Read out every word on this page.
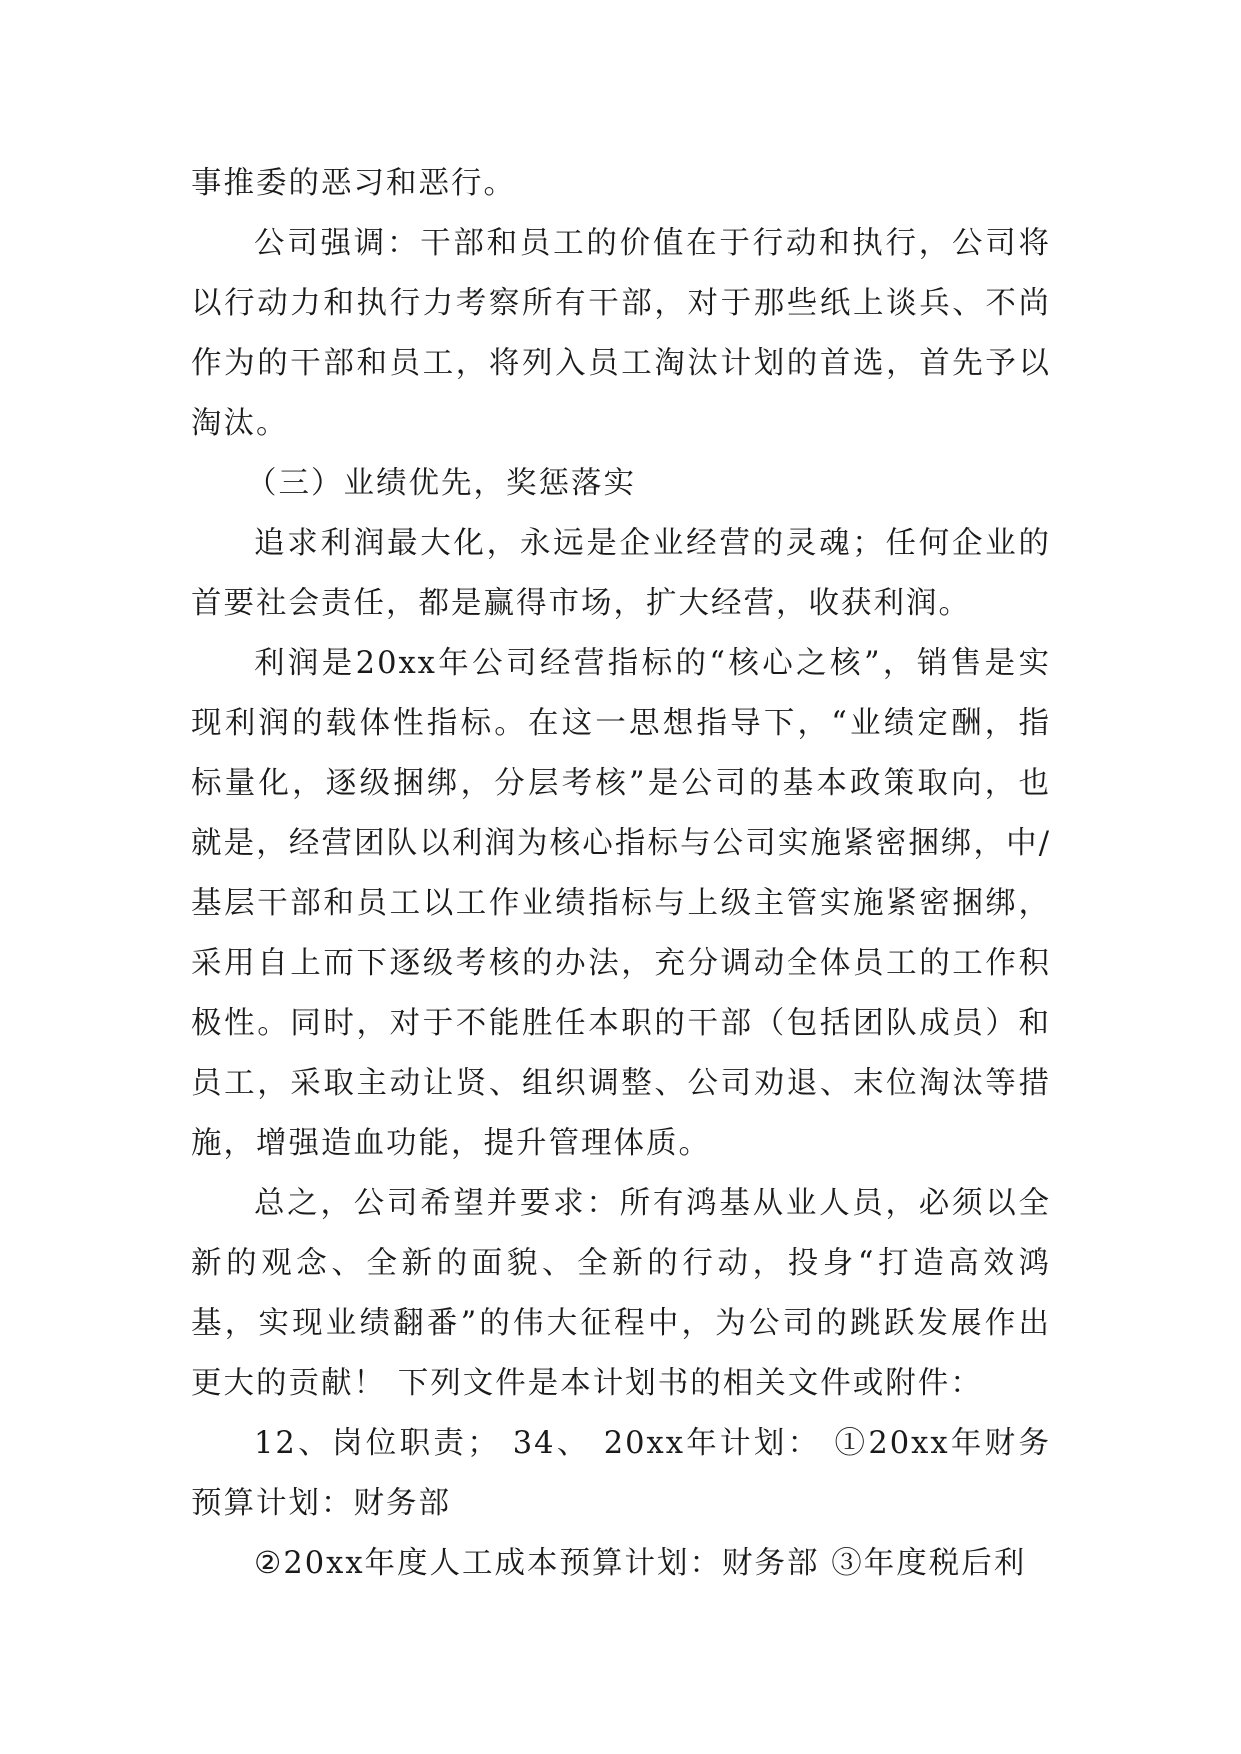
事推委的恶习和恶行。

公司强调：干部和员工的价值在于行动和执行，公司将以行动力和执行力考察所有干部，对于那些纸上谈兵、不尚作为的干部和员工，将列入员工淘汰计划的首选，首先予以淘汰。

（三）业绩优先，奖惩落实

追求利润最大化，永远是企业经营的灵魂；任何企业的首要社会责任，都是赢得市场，扩大经营，收获利润。

利润是20xx年公司经营指标的“核心之核”，销售是实现利润的载体性指标。在这一思想指导下，“业绩定酬，指标量化，逐级捆绑，分层考核”是公司的基本政策取向，也就是，经营团队以利润为核心指标与公司实施紧密捆绑，中/基层干部和员工以工作业绩指标与上级主管实施紧密捆绑，采用自上而下逐级考核的办法，充分调动全体员工的工作积极性。同时，对于不能胜任本职的干部（包括团队成员）和员工，采取主动让贤、组织调整、公司劝退、末位淘汰等措施，增强造血功能，提升管理体质。

总之，公司希望并要求：所有鸿基从业人员，必须以全新的观念、全新的面貌、全新的行动，投身“打造高效鸿基，实现业绩翻番”的伟大征程中，为公司的跳跃发展作出更大的贡献！ 下列文件是本计划书的相关文件或附件：

12、岗位职责； 34、 20xx年计划： ①20xx年财务预算计划：财务部

②20xx年度人工成本预算计划：财务部 ③年度税后利
